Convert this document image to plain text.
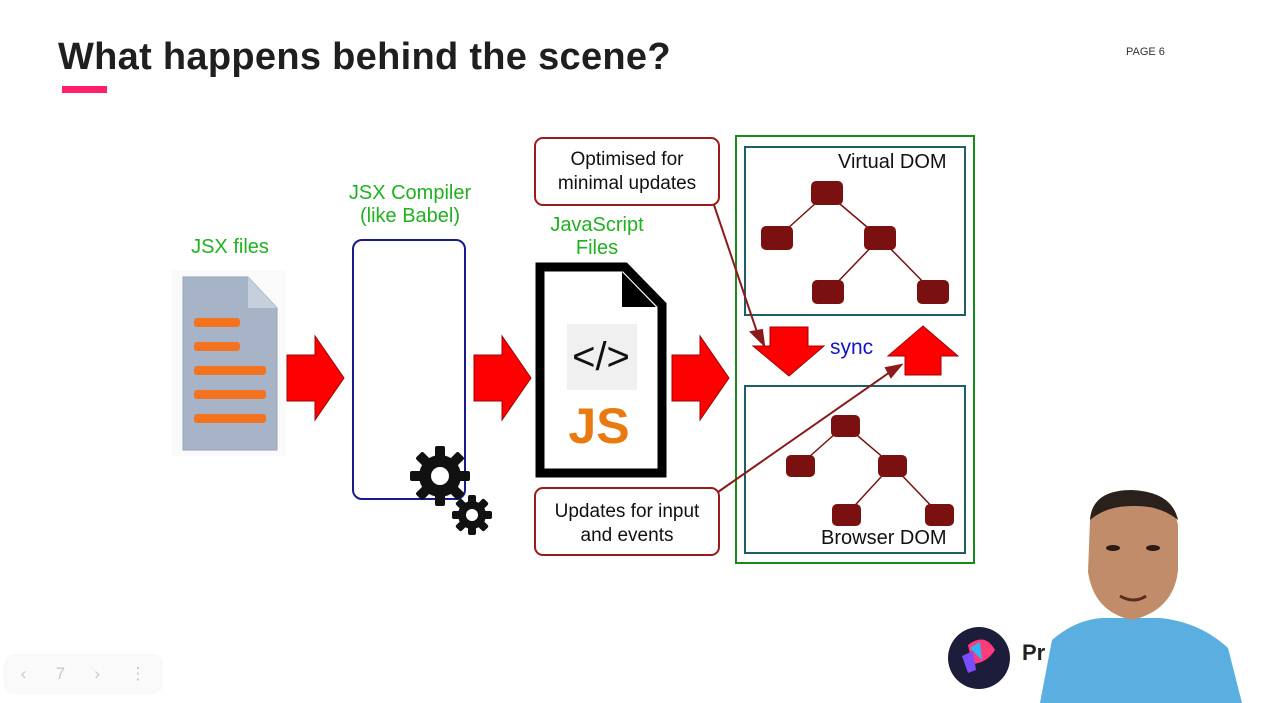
What happens behind the scene?	PAGE 6
JSX files
JSX Compiler
(like Babel)	JavaScript
Files
</>
JS
Optimised for
minimal updates
Updates for input
and events
Virtual DOM
Browser DOM
sync
Pr
‹ 7 › ⋮
